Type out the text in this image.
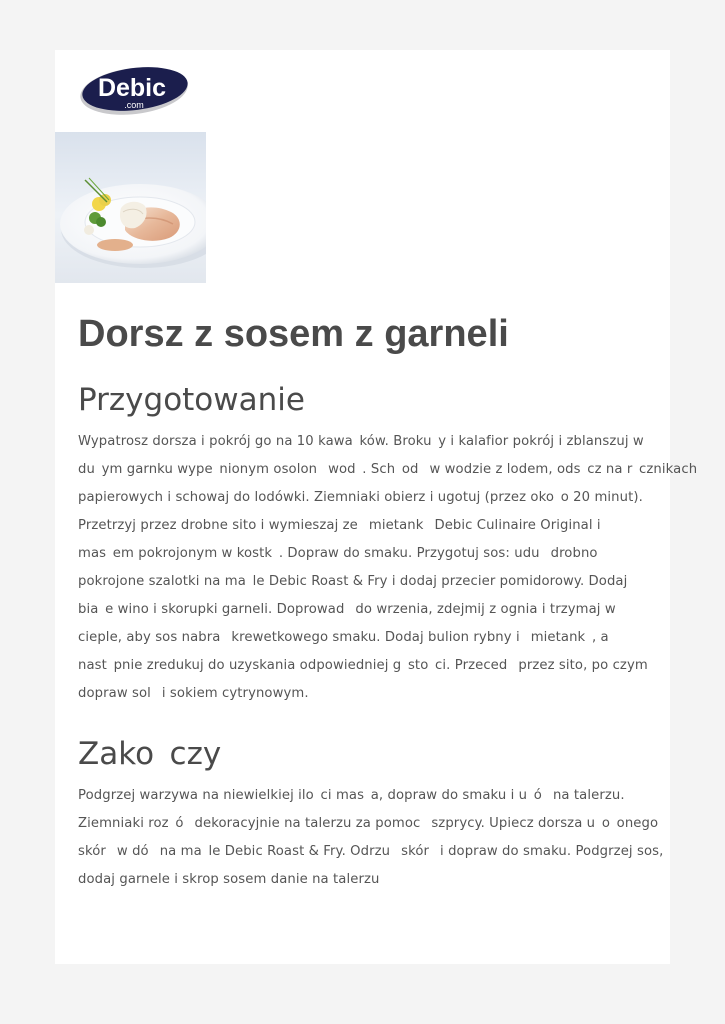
Debic
.com
Dorsz z sosem z garneli
Przygotowanie
Wypatrosz dorsza i pokrój go na 10 kawa ków. Broku y i kalafior pokrój i zblanszuj w
du ym garnku wype nionym osolon  wod . Sch od  w wodzie z lodem, ods cz na r cznikach
papierowych i schowaj do lodówki. Ziemniaki obierz i ugotuj (przez oko o 20 minut).
Przetrzyj przez drobne sito i wymieszaj ze  mietank  Debic Culinaire Original i
mas em pokrojonym w kostk . Dopraw do smaku. Przygotuj sos: udu  drobno
pokrojone szalotki na ma le Debic Roast & Fry i dodaj przecier pomidorowy. Dodaj
bia e wino i skorupki garneli. Doprowad  do wrzenia, zdejmij z ognia i trzymaj w
cieple, aby sos nabra  krewetkowego smaku. Dodaj bulion rybny i  mietank , a
nast pnie zredukuj do uzyskania odpowiedniej g sto ci. Przeced  przez sito, po czym
dopraw sol  i sokiem cytrynowym.
Zako czy 
Podgrzej warzywa na niewielkiej ilo ci mas a, dopraw do smaku i u ó  na talerzu.
Ziemniaki roz ó  dekoracyjnie na talerzu za pomoc  szprycy. Upiecz dorsza u o onego
skór  w dó  na ma le Debic Roast & Fry. Odrzu  skór  i dopraw do smaku. Podgrzej sos,
dodaj garnele i skrop sosem danie na talerzu
